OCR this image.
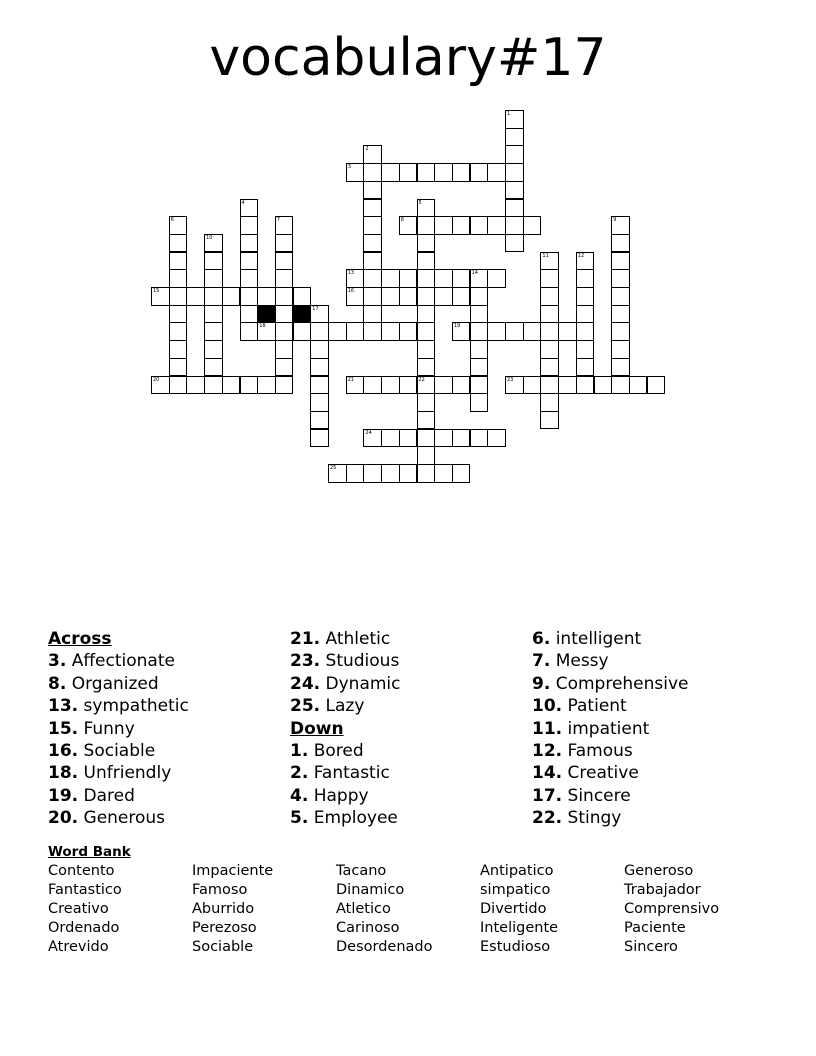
vocabulary#17
3
8
13	14
15	16
18	19
20	21	22	23
24
25
1
2
4	5
6	7	9
10
11	12
17
Across
3. Affectionate
8. Organized
13. sympathetic
15. Funny
16. Sociable
18. Unfriendly
19. Dared
20. Generous
21. Athletic
23. Studious
24. Dynamic
25. Lazy
Down
1. Bored
2. Fantastic
4. Happy
5. Employee
6. intelligent
7. Messy
9. Comprehensive
10. Patient
11. impatient
12. Famous
14. Creative
17. Sincere
22. Stingy
Word Bank
Contento
Fantastico
Creativo
Ordenado
Atrevido
Impaciente
Famoso
Aburrido
Perezoso
Sociable
Tacano
Dinamico
Atletico
Carinoso
Desordenado
Antipatico
simpatico
Divertido
Inteligente
Estudioso
Generoso
Trabajador
Comprensivo
Paciente
Sincero
